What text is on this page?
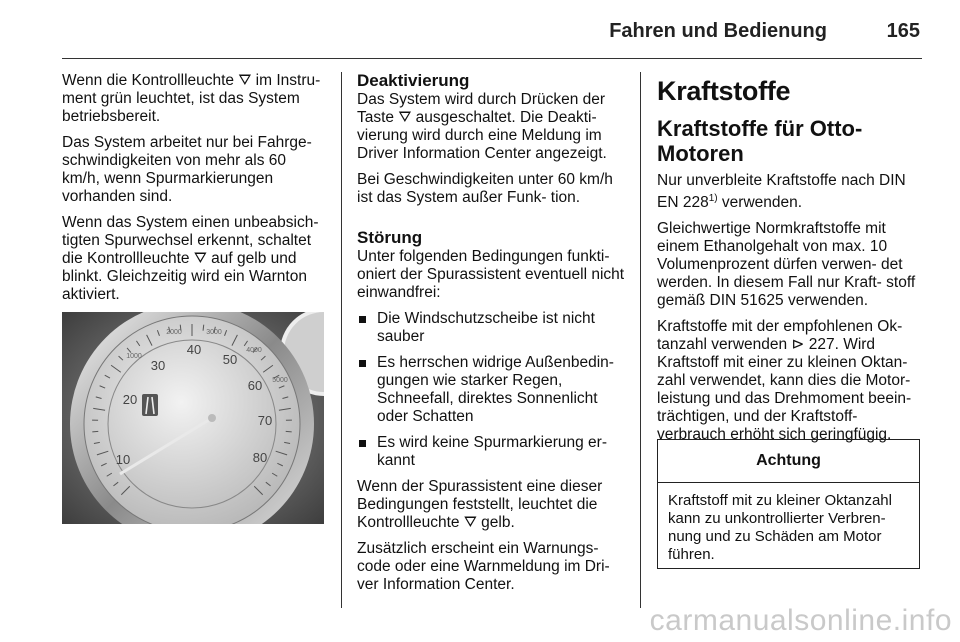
Fahren und Bedienung	165

Wenn die Kontrollleuchte ⛛ im Instru- ment grün leuchtet, ist das System betriebsbereit.

Das System arbeitet nur bei Fahrge- schwindigkeiten von mehr als 60 km/h, wenn Spurmarkierungen vorhanden sind.

Wenn das System einen unbeabsich- tigten Spurwechsel erkennt, schaltet die Kontrollleuchte ⛛ auf gelb und blinkt. Gleichzeitig wird ein Warnton aktiviert.

10
20
30
40
50
60
70
80
1000
2000	3000
4000
5000
Deaktivierung

Das System wird durch Drücken der Taste ⛛ ausgeschaltet. Die Deakti- vierung wird durch eine Meldung im Driver Information Center angezeigt.

Bei Geschwindigkeiten unter 60 km/h ist das System außer Funk- tion.

Störung

Unter folgenden Bedingungen funkti- oniert der Spurassistent eventuell nicht einwandfrei:

Die Windschutzscheibe ist nicht sauber
Es herrschen widrige Außenbedin- gungen wie starker Regen, Schneefall, direktes Sonnenlicht oder Schatten
Es wird keine Spurmarkierung er- kannt

Wenn der Spurassistent eine dieser Bedingungen feststellt, leuchtet die Kontrollleuchte ⛛ gelb.

Zusätzlich erscheint ein Warnungs- code oder eine Warnmeldung im Dri- ver Information Center.

Kraftstoffe
Kraftstoffe für Otto-Motoren

Nur unverbleite Kraftstoffe nach DIN EN 228$^{1)}$ verwenden.

Gleichwertige Normkraftstoffe mit einem Ethanolgehalt von max. 10 Volumenprozent dürfen verwen- det werden. In diesem Fall nur Kraft- stoff gemäß DIN 51625 verwenden.

Kraftstoffe mit der empfohlenen Ok- tanzahl verwenden ⊳ 227. Wird Kraftstoff mit einer zu kleinen Oktan- zahl verwendet, kann dies die Motor- leistung und das Drehmoment beein- trächtigen, und der Kraftstoff- verbrauch erhöht sich geringfügig.

Achtung
Kraftstoff mit zu kleiner Oktanzahl kann zu unkontrollierter Verbren- nung und zu Schäden am Motor führen.
carmanualsonline.info
